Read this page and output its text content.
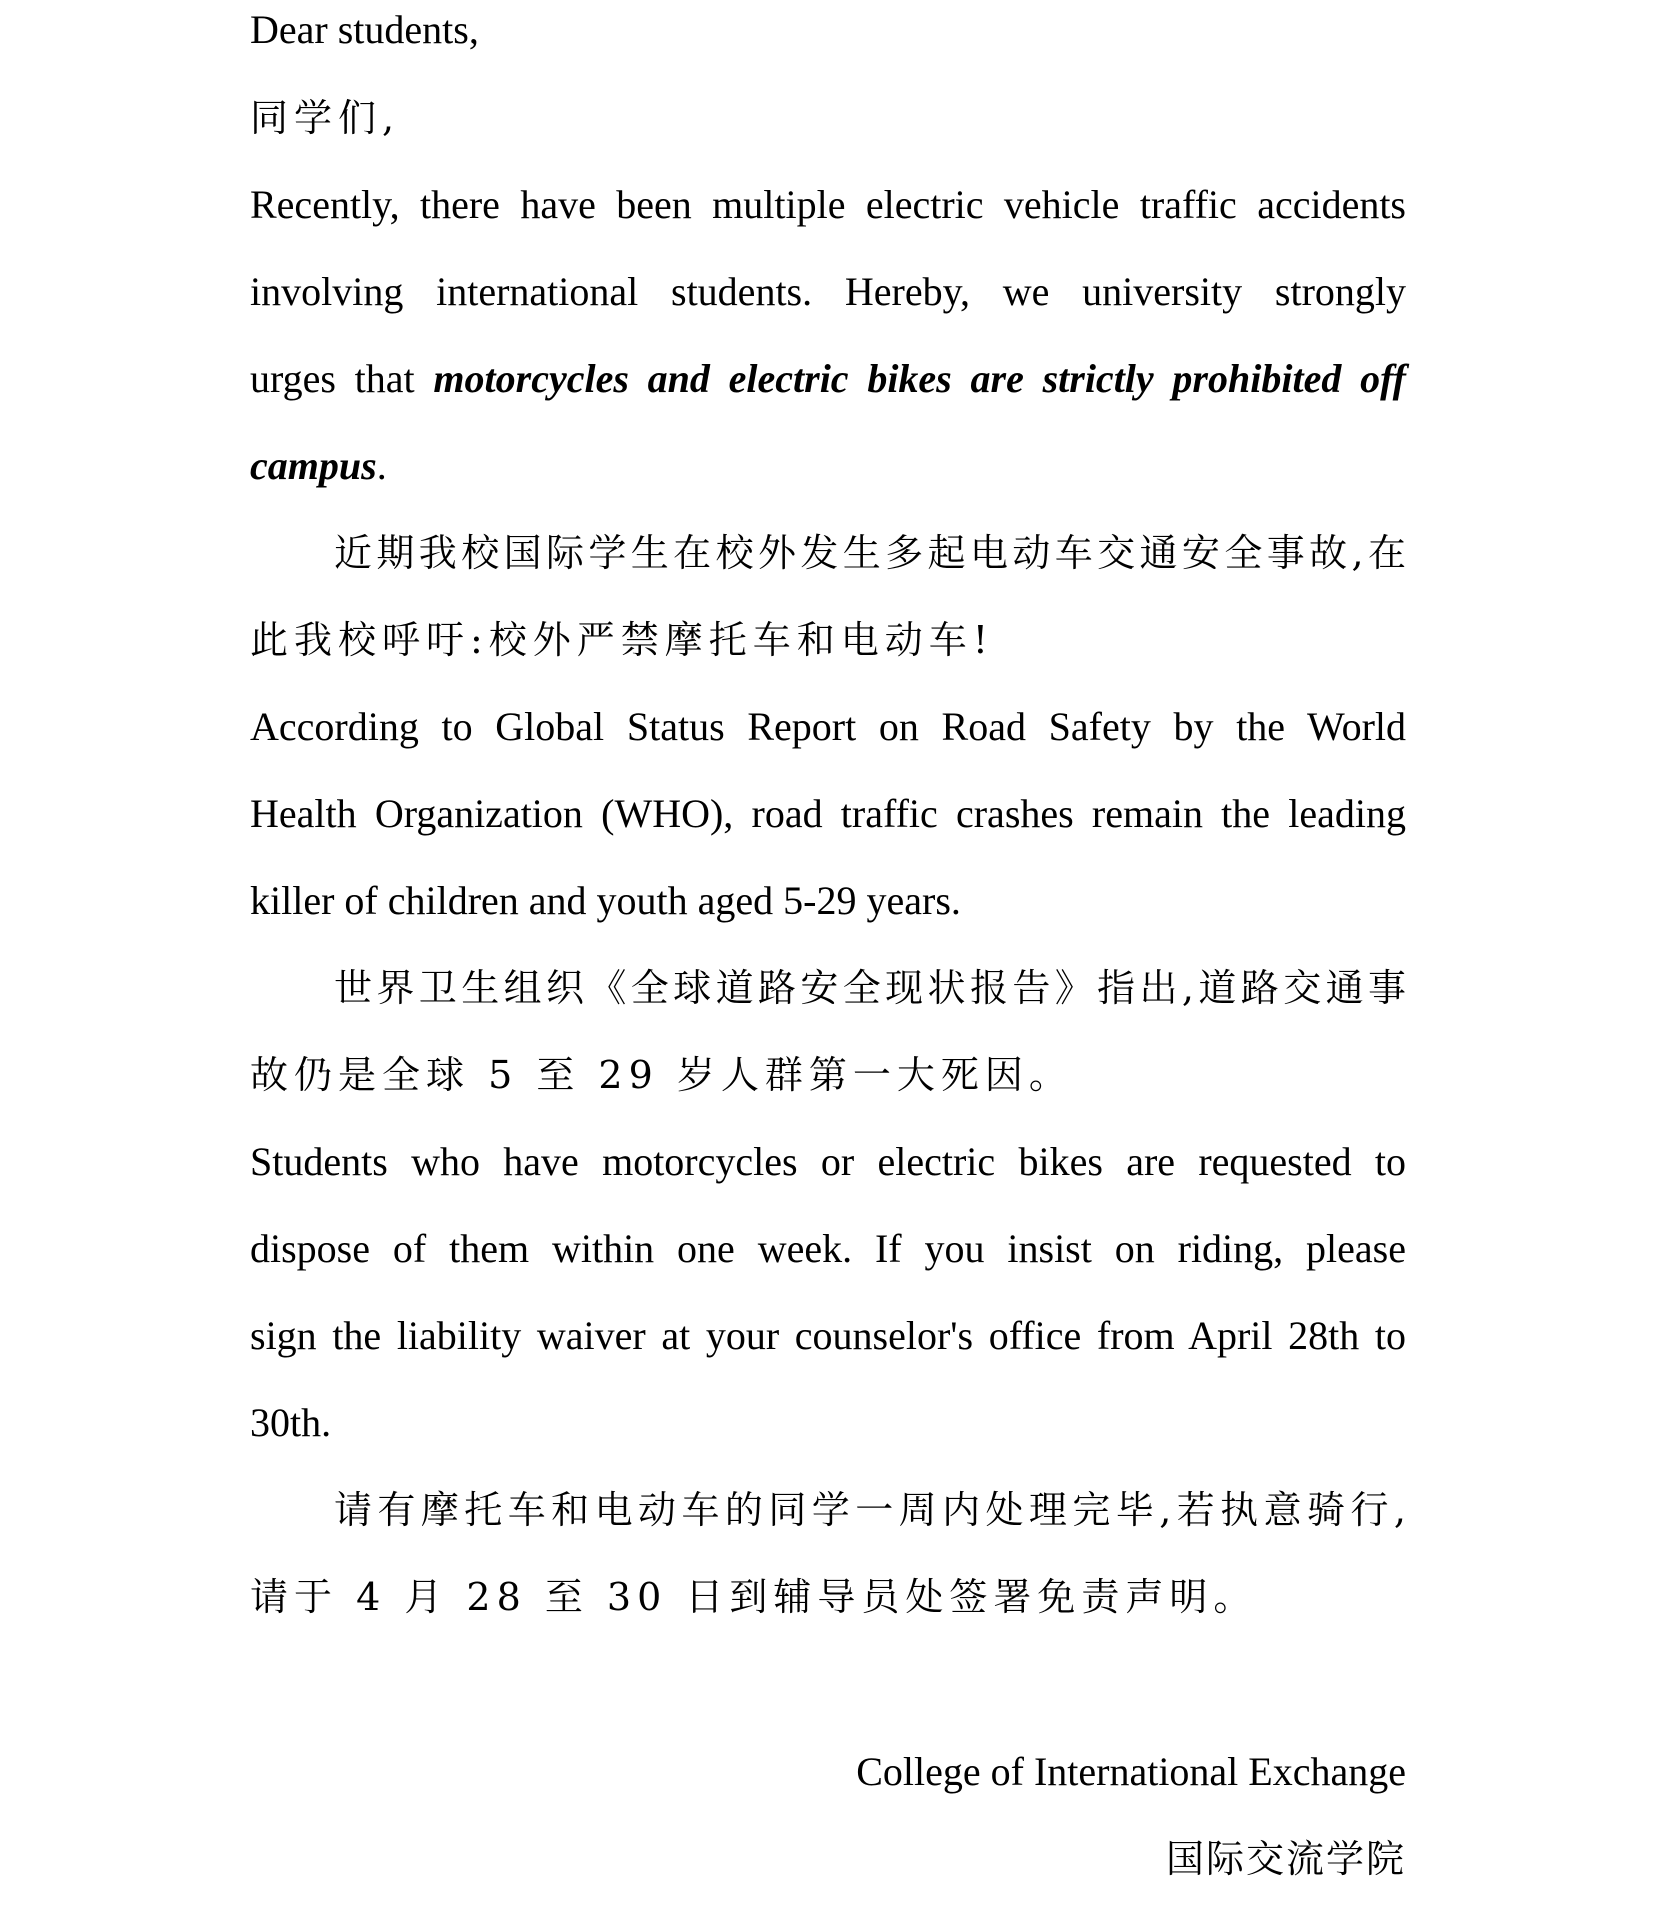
Dear students,

同学们,

Recently, there have been multiple electric vehicle traffic accidents

involving international students. Hereby, we university strongly

urges that motorcycles and electric bikes are strictly prohibited off

campus.

近期我校国际学生在校外发生多起电动车交通安全事故,在

此我校呼吁:校外严禁摩托车和电动车!

According to Global Status Report on Road Safety by the World

Health Organization (WHO), road traffic crashes remain the leading

killer of children and youth aged 5-29 years.

世界卫生组织《全球道路安全现状报告》指出,道路交通事

故仍是全球 5 至 29 岁人群第一大死因。

Students who have motorcycles or electric bikes are requested to

dispose of them within one week. If you insist on riding, please

sign the liability waiver at your counselor's office from April 28th to

30th.

请有摩托车和电动车的同学一周内处理完毕,若执意骑行,

请于 4 月 28 至 30 日到辅导员处签署免责声明。

College of International Exchange

国际交流学院
